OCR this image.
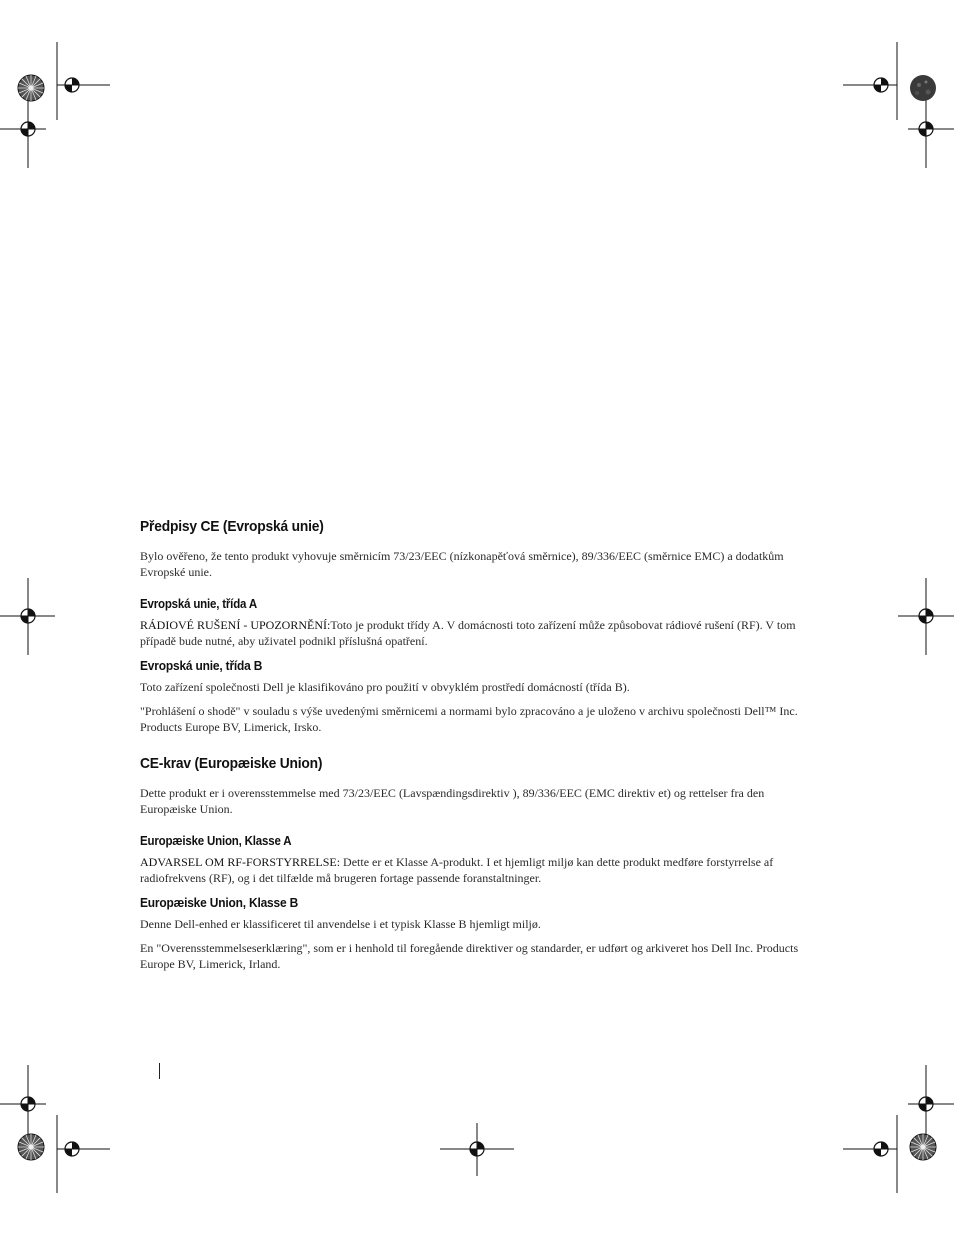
Předpisy CE (Evropská unie)

Bylo ověřeno, že tento produkt vyhovuje směrnicím 73/23/EEC (nízkonapěťová směrnice), 89/336/EEC (směrnice EMC) a dodatkům Evropské unie.

Evropská unie, třída A

RÁDIOVÉ RUŠENÍ - UPOZORNĚNÍ:Toto je produkt třídy A. V domácnosti toto zařízení může způsobovat rádiové rušení (RF). V tom případě bude nutné, aby uživatel podnikl příslušná opatření.

Evropská unie, třída B

Toto zařízení společnosti Dell je klasifikováno pro použití v obvyklém prostředí domácností (třída B).

"Prohlášení o shodě" v souladu s výše uvedenými směrnicemi a normami bylo zpracováno a je uloženo v archivu společnosti Dell™ Inc. Products Europe BV, Limerick, Irsko.

CE-krav (Europæiske Union)

Dette produkt er i overensstemmelse med 73/23/EEC (Lavspændingsdirektiv ), 89/336/EEC (EMC direktiv et) og rettelser fra den Europæiske Union.

Europæiske Union, Klasse A

ADVARSEL OM RF-FORSTYRRELSE: Dette er et Klasse A-produkt. I et hjemligt miljø kan dette produkt medføre forstyrrelse af radiofrekvens (RF), og i det tilfælde må brugeren fortage passende foranstaltninger.

Europæiske Union, Klasse B

Denne Dell-enhed er klassificeret til anvendelse i et typisk Klasse B hjemligt miljø.

En "Overensstemmelseserklæring", som er i henhold til foregående direktiver og standarder, er udført og arkiveret hos Dell Inc. Products Europe BV, Limerick, Irland.
